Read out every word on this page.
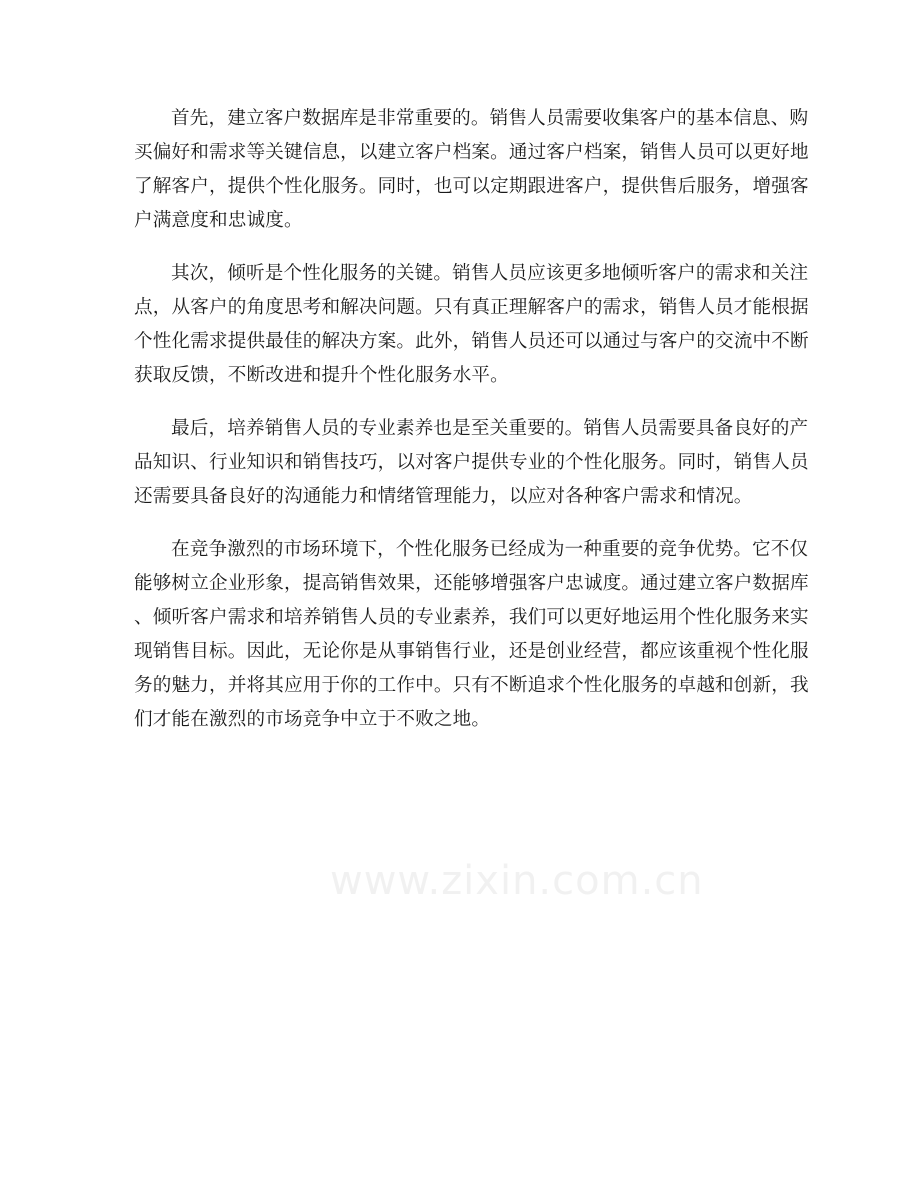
首先，建立客户数据库是非常重要的。销售人员需要收集客户的基本信息、购
买偏好和需求等关键信息，以建立客户档案。通过客户档案，销售人员可以更好地
了解客户，提供个性化服务。同时，也可以定期跟进客户，提供售后服务，增强客
户满意度和忠诚度。

其次，倾听是个性化服务的关键。销售人员应该更多地倾听客户的需求和关注
点，从客户的角度思考和解决问题。只有真正理解客户的需求，销售人员才能根据
个性化需求提供最佳的解决方案。此外，销售人员还可以通过与客户的交流中不断
获取反馈，不断改进和提升个性化服务水平。

最后，培养销售人员的专业素养也是至关重要的。销售人员需要具备良好的产
品知识、行业知识和销售技巧，以对客户提供专业的个性化服务。同时，销售人员
还需要具备良好的沟通能力和情绪管理能力，以应对各种客户需求和情况。

在竞争激烈的市场环境下，个性化服务已经成为一种重要的竞争优势。它不仅
能够树立企业形象，提高销售效果，还能够增强客户忠诚度。通过建立客户数据库
、倾听客户需求和培养销售人员的专业素养，我们可以更好地运用个性化服务来实
现销售目标。因此，无论你是从事销售行业，还是创业经营，都应该重视个性化服
务的魅力，并将其应用于你的工作中。只有不断追求个性化服务的卓越和创新，我
们才能在激烈的市场竞争中立于不败之地。

www.zixin.com.cn
